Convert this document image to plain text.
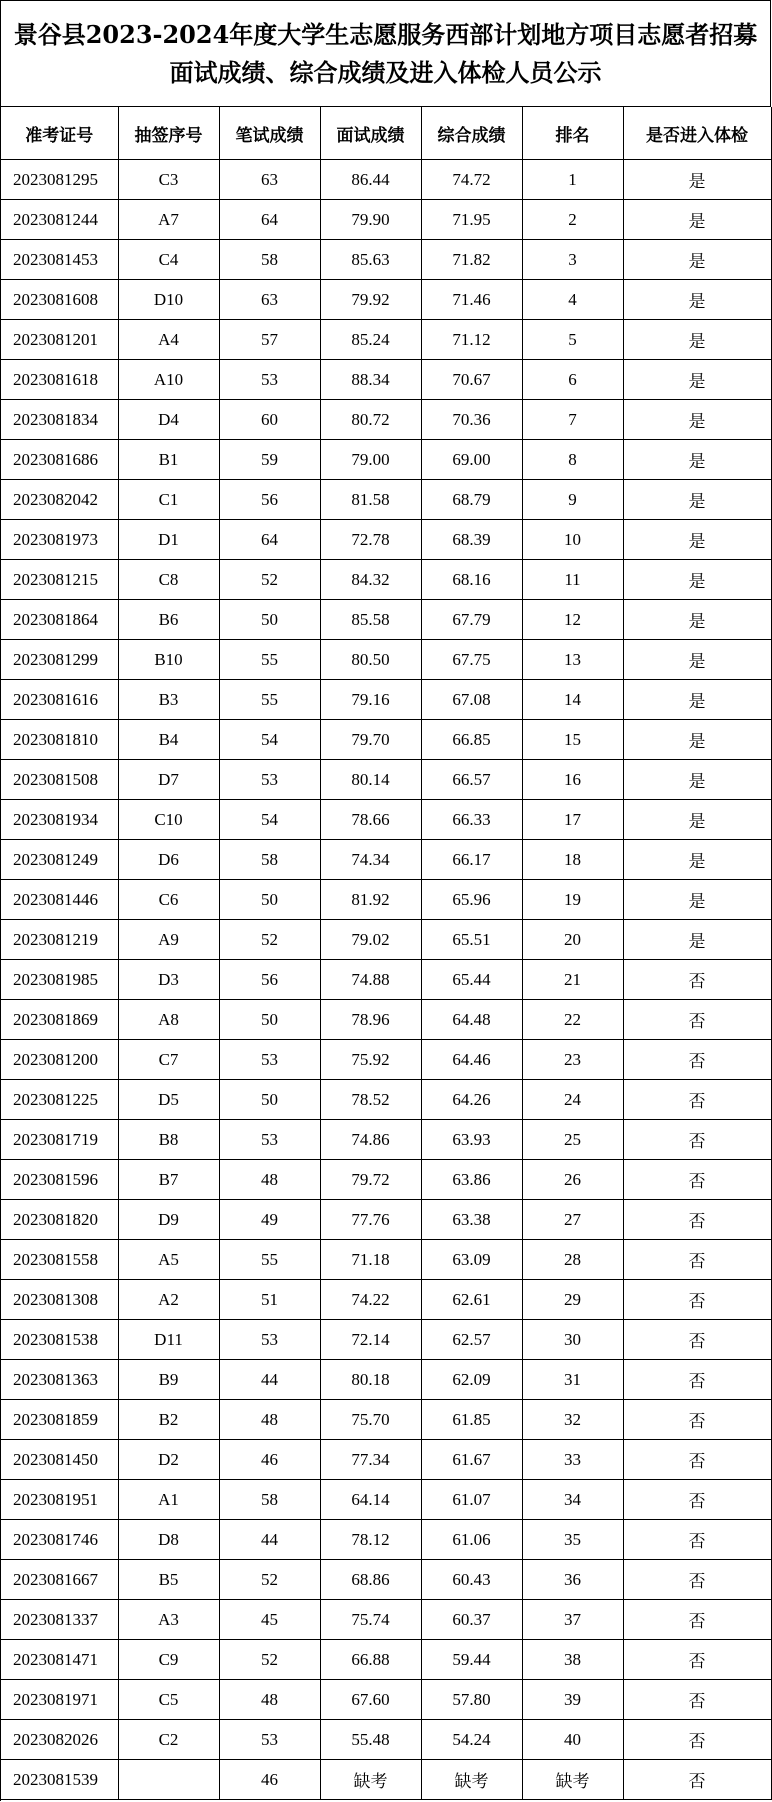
景谷县2023-2024年度大学生志愿服务西部计划地方项目志愿者招募面试成绩、综合成绩及进入体检人员公示
准考证号	抽签序号	笔试成绩	面试成绩	综合成绩	排名	是否进入体检
2023081295	C3	63	86.44	74.72	1	是
2023081244	A7	64	79.90	71.95	2	是
2023081453	C4	58	85.63	71.82	3	是
2023081608	D10	63	79.92	71.46	4	是
2023081201	A4	57	85.24	71.12	5	是
2023081618	A10	53	88.34	70.67	6	是
2023081834	D4	60	80.72	70.36	7	是
2023081686	B1	59	79.00	69.00	8	是
2023082042	C1	56	81.58	68.79	9	是
2023081973	D1	64	72.78	68.39	10	是
2023081215	C8	52	84.32	68.16	11	是
2023081864	B6	50	85.58	67.79	12	是
2023081299	B10	55	80.50	67.75	13	是
2023081616	B3	55	79.16	67.08	14	是
2023081810	B4	54	79.70	66.85	15	是
2023081508	D7	53	80.14	66.57	16	是
2023081934	C10	54	78.66	66.33	17	是
2023081249	D6	58	74.34	66.17	18	是
2023081446	C6	50	81.92	65.96	19	是
2023081219	A9	52	79.02	65.51	20	是
2023081985	D3	56	74.88	65.44	21	否
2023081869	A8	50	78.96	64.48	22	否
2023081200	C7	53	75.92	64.46	23	否
2023081225	D5	50	78.52	64.26	24	否
2023081719	B8	53	74.86	63.93	25	否
2023081596	B7	48	79.72	63.86	26	否
2023081820	D9	49	77.76	63.38	27	否
2023081558	A5	55	71.18	63.09	28	否
2023081308	A2	51	74.22	62.61	29	否
2023081538	D11	53	72.14	62.57	30	否
2023081363	B9	44	80.18	62.09	31	否
2023081859	B2	48	75.70	61.85	32	否
2023081450	D2	46	77.34	61.67	33	否
2023081951	A1	58	64.14	61.07	34	否
2023081746	D8	44	78.12	61.06	35	否
2023081667	B5	52	68.86	60.43	36	否
2023081337	A3	45	75.74	60.37	37	否
2023081471	C9	52	66.88	59.44	38	否
2023081971	C5	48	67.60	57.80	39	否
2023082026	C2	53	55.48	54.24	40	否
2023081539		46	缺考	缺考	缺考	否
